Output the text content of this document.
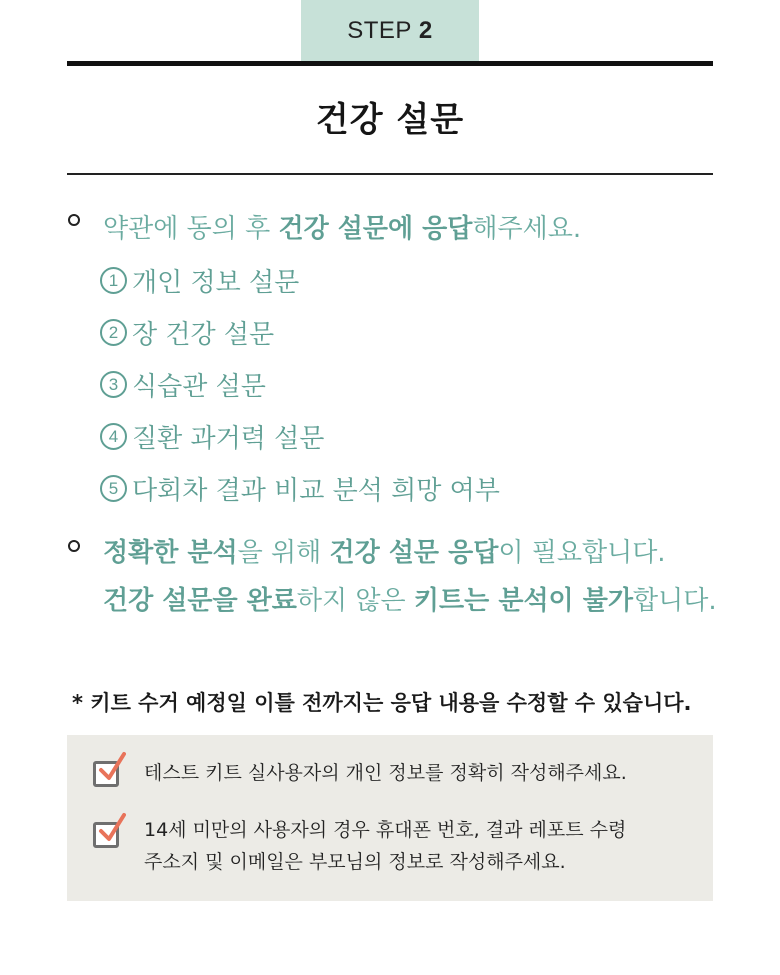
STEP 2
건강 설문
약관에 동의 후 건강 설문에 응답해주세요.
1 개인 정보 설문
2 장 건강 설문
3 식습관 설문
4 질환 과거력 설문
5 다회차 결과 비교 분석 희망 여부
정확한 분석을 위해 건강 설문 응답이 필요합니다.
건강 설문을 완료하지 않은 키트는 분석이 불가합니다.
* 키트 수거 예정일 이틀 전까지는 응답 내용을 수정할 수 있습니다.
테스트 키트 실사용자의 개인 정보를 정확히 작성해주세요.
14세 미만의 사용자의 경우 휴대폰 번호, 결과 레포트 수령
주소지 및 이메일은 부모님의 정보로 작성해주세요.
